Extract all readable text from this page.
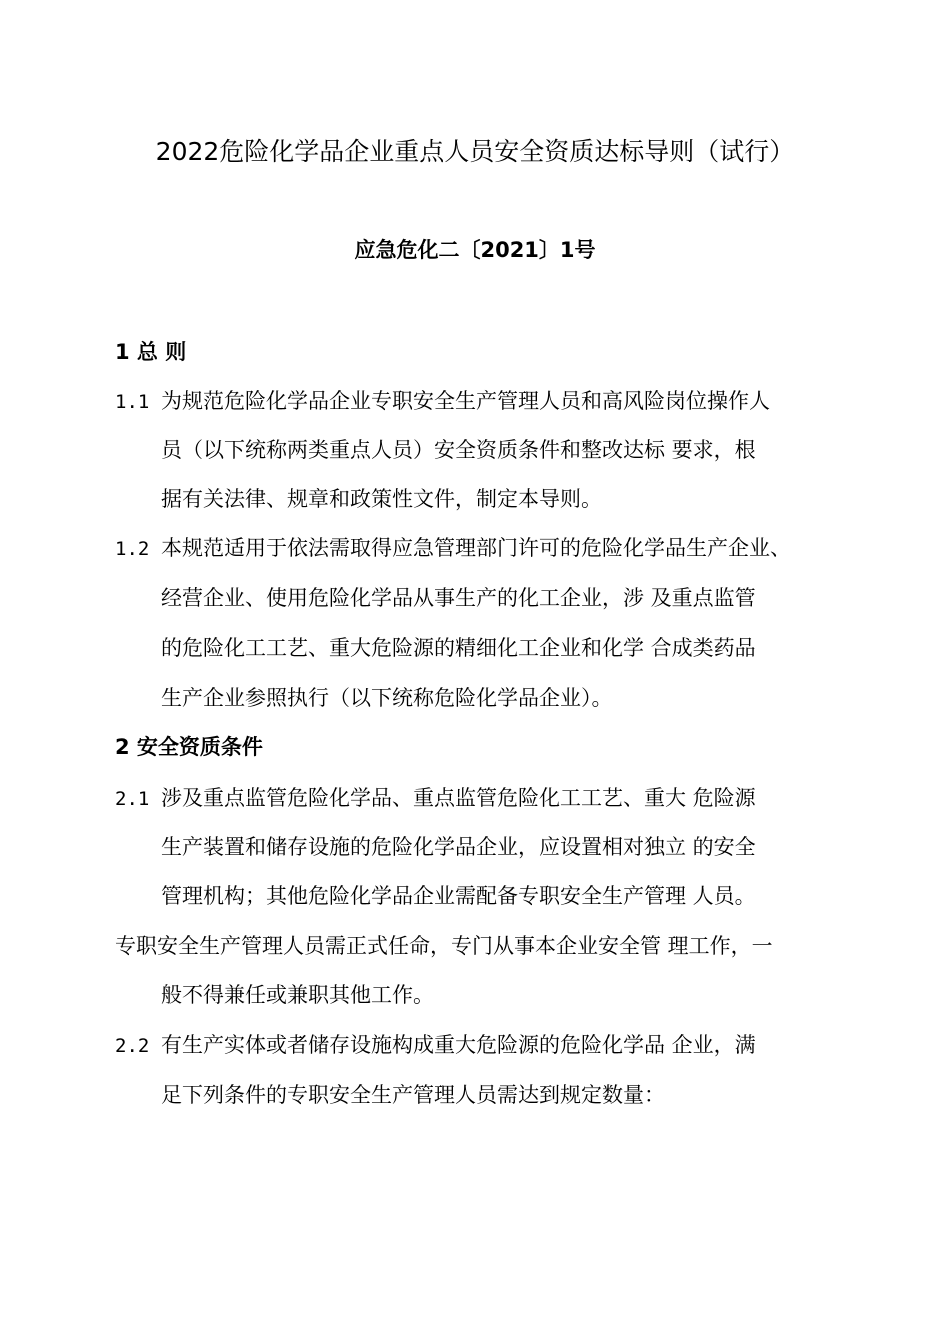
2022危险化学品企业重点人员安全资质达标导则（试行）
应急危化二〔2021〕1号
1 总 则
1.1 为规范危险化学品企业专职安全生产管理人员和高风险岗位操作人
员（以下统称两类重点人员）安全资质条件和整改达标 要求，根
据有关法律、规章和政策性文件，制定本导则。
1.2 本规范适用于依法需取得应急管理部门许可的危险化学品生产企业、
经营企业、使用危险化学品从事生产的化工企业，涉 及重点监管
的危险化工工艺、重大危险源的精细化工企业和化学 合成类药品
生产企业参照执行（以下统称危险化学品企业）。
2 安全资质条件
2.1 涉及重点监管危险化学品、重点监管危险化工工艺、重大 危险源
生产装置和储存设施的危险化学品企业，应设置相对独立 的安全
管理机构；其他危险化学品企业需配备专职安全生产管理 人员。
专职安全生产管理人员需正式任命，专门从事本企业安全管 理工作，一
般不得兼任或兼职其他工作。
2.2 有生产实体或者储存设施构成重大危险源的危险化学品 企业，满
足下列条件的专职安全生产管理人员需达到规定数量：
